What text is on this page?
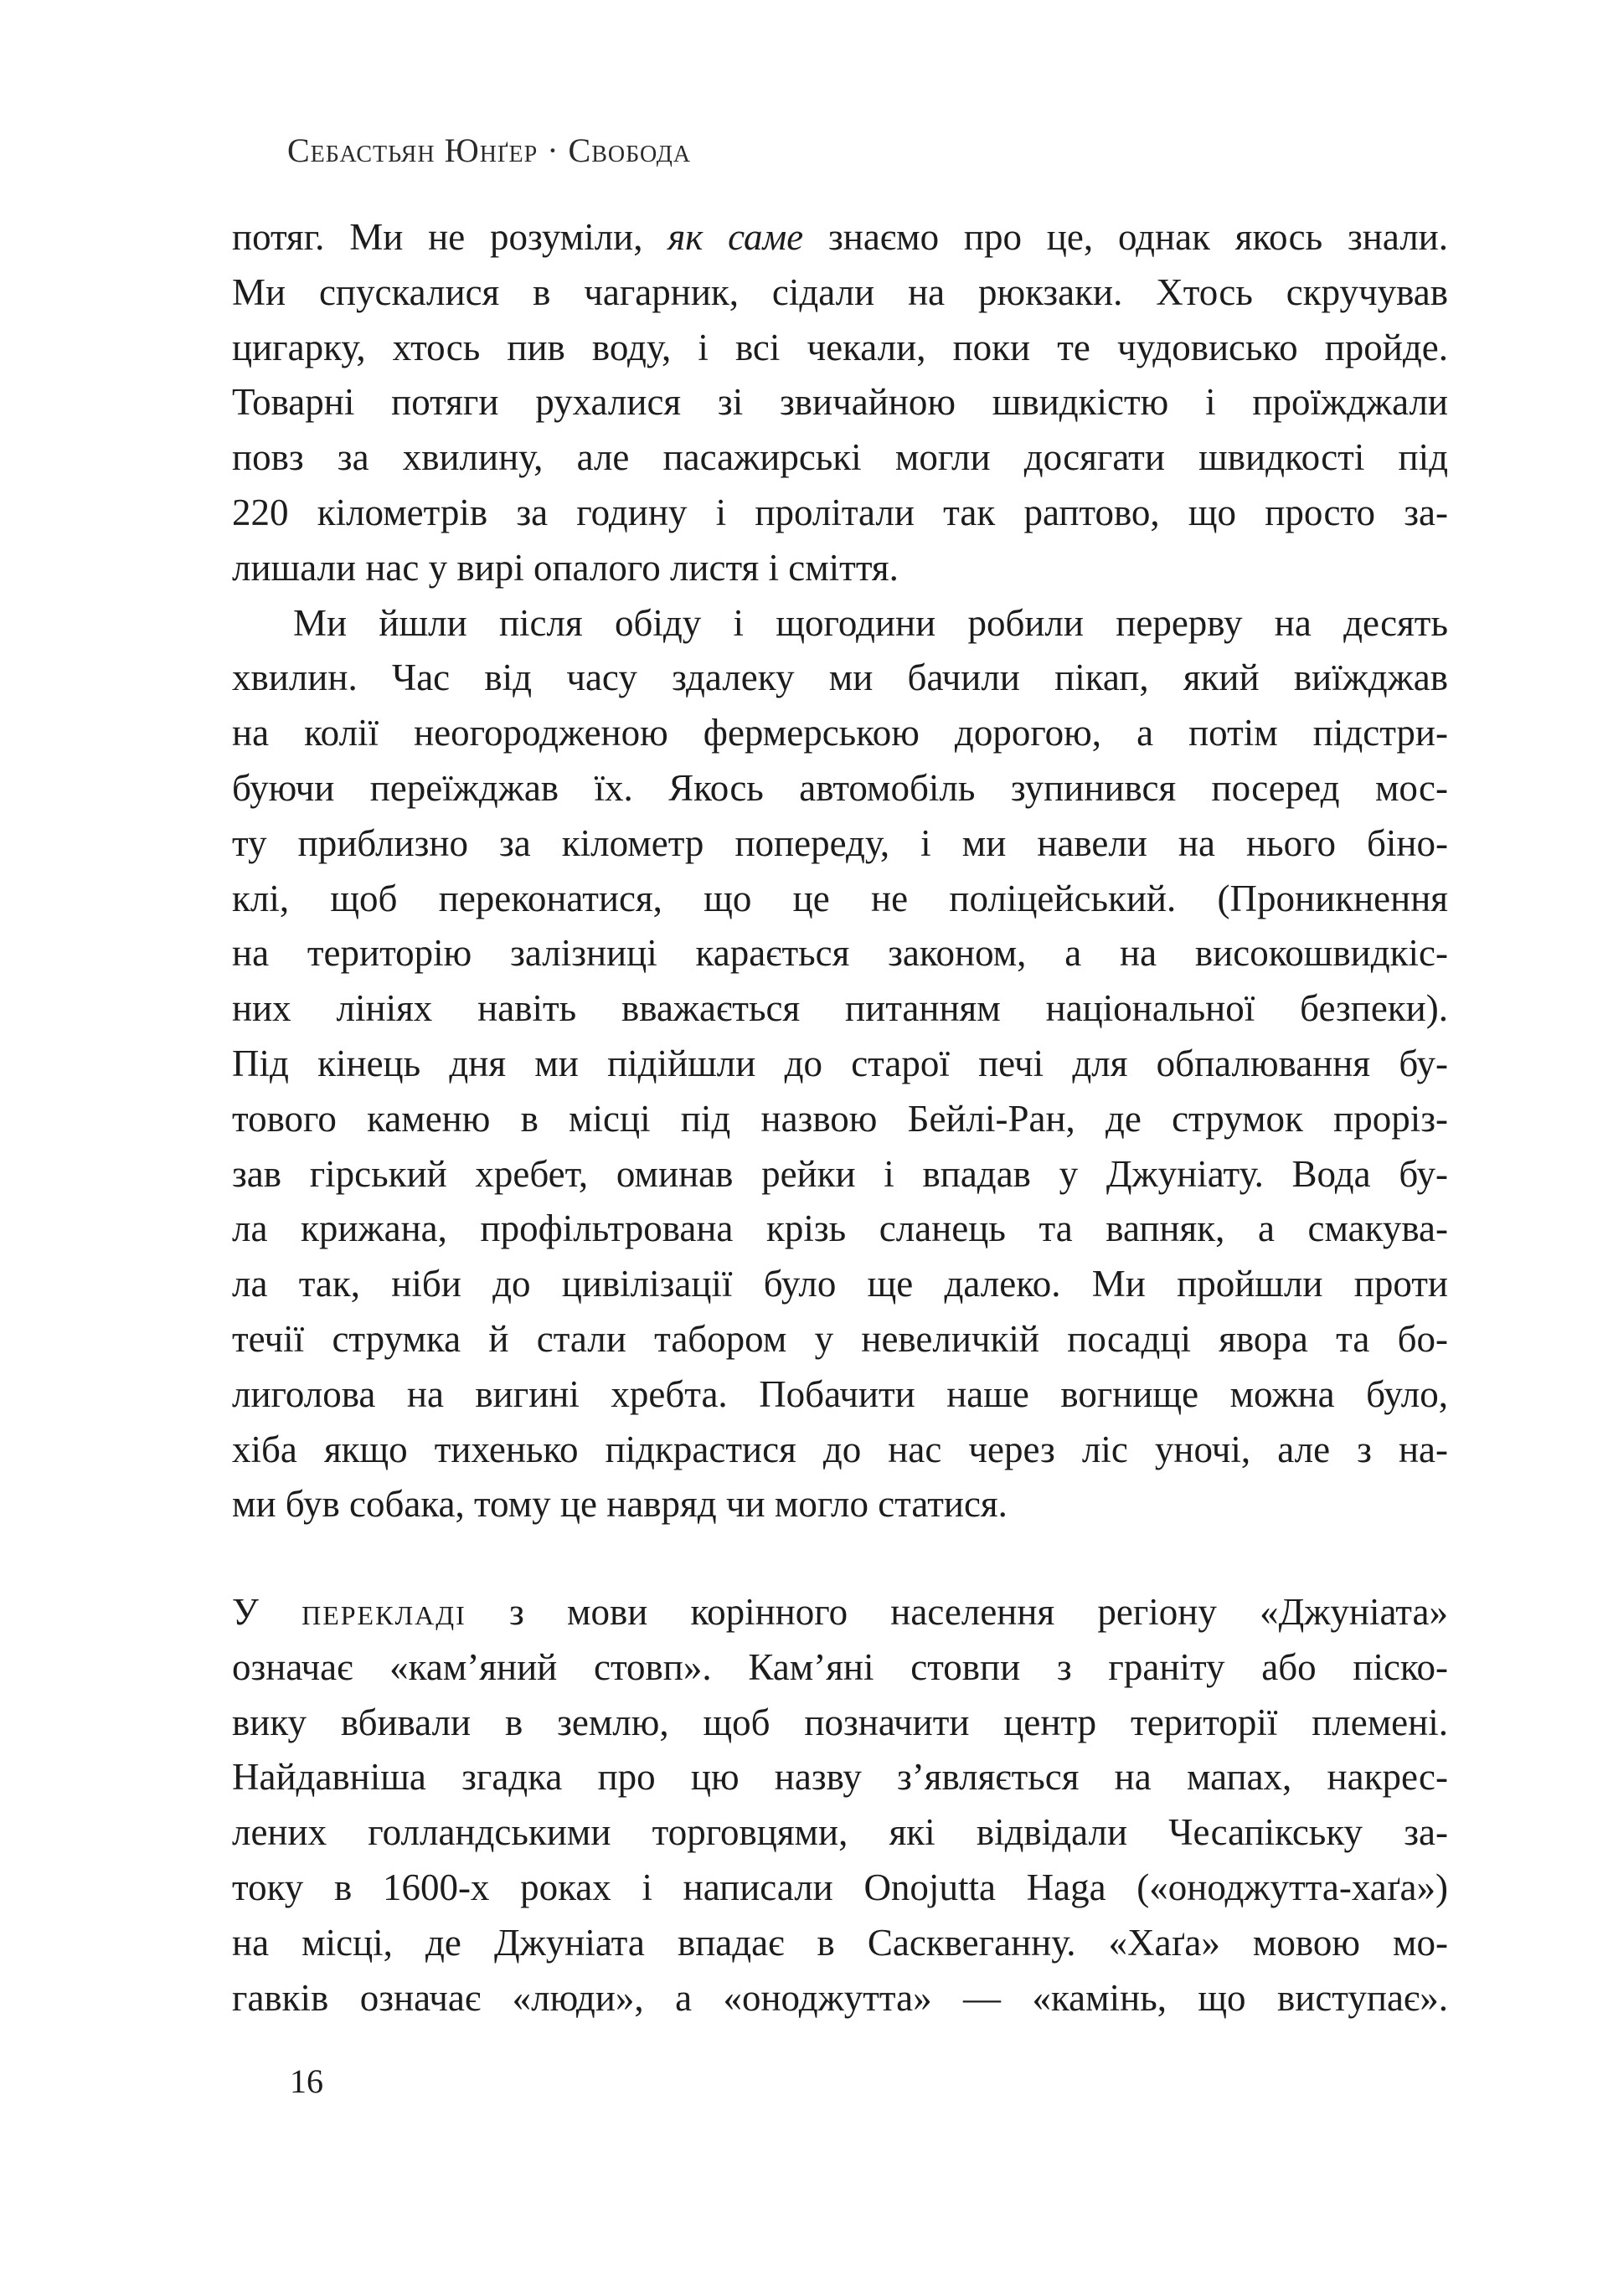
Себастьян Юнґер · Свобода
потяг. Ми не розуміли, як саме знаємо про це, однак якось знали.
Ми спускалися в чагарник, сідали на рюкзаки. Хтось скручував
цигарку, хтось пив воду, і всі чекали, поки те чудовисько пройде.
Товарні потяги рухалися зі звичайною швидкістю і проїжджали
повз за хвилину, але пасажирські могли досягати швидкості під
220 кілометрів за годину і пролітали так раптово, що просто за-
лишали нас у вирі опалого листя і сміття.
Ми йшли після обіду і щогодини робили перерву на десять
хвилин. Час від часу здалеку ми бачили пікап, який виїжджав
на колії неогородженою фермерською дорогою, а потім підстри-
буючи переїжджав їх. Якось автомобіль зупинився посеред мос-
ту приблизно за кілометр попереду, і ми навели на нього біно-
клі, щоб переконатися, що це не поліцейський. (Проникнення
на територію залізниці карається законом, а на високошвидкіс-
них лініях навіть вважається питанням національної безпеки).
Під кінець дня ми підійшли до старої печі для обпалювання бу-
тового каменю в місці під назвою Бейлі-Ран, де струмок проріз-
зав гірський хребет, оминав рейки і впадав у Джуніату. Вода бу-
ла крижана, профільтрована крізь сланець та вапняк, а смакува-
ла так, ніби до цивілізації було ще далеко. Ми пройшли проти
течії струмка й стали табором у невеличкій посадці явора та бо-
лиголова на вигині хребта. Побачити наше вогнище можна було,
хіба якщо тихенько підкрастися до нас через ліс уночі, але з на-
ми був собака, тому це навряд чи могло статися.
У перекладі з мови корінного населення регіону «Джуніата»
означає «кам’яний стовп». Кам’яні стовпи з граніту або піско-
вику вбивали в землю, щоб позначити центр території племені.
Найдавніша згадка про цю назву з’являється на мапах, накрес-
лених голландськими торговцями, які відвідали Чесапікську за-
току в 1600-х роках і написали Onojutta Haga («оноджутта-хаґа»)
на місці, де Джуніата впадає в Сасквеганну. «Хаґа» мовою мо-
гавків означає «люди», а «оноджутта» — «камінь, що виступає».
16
